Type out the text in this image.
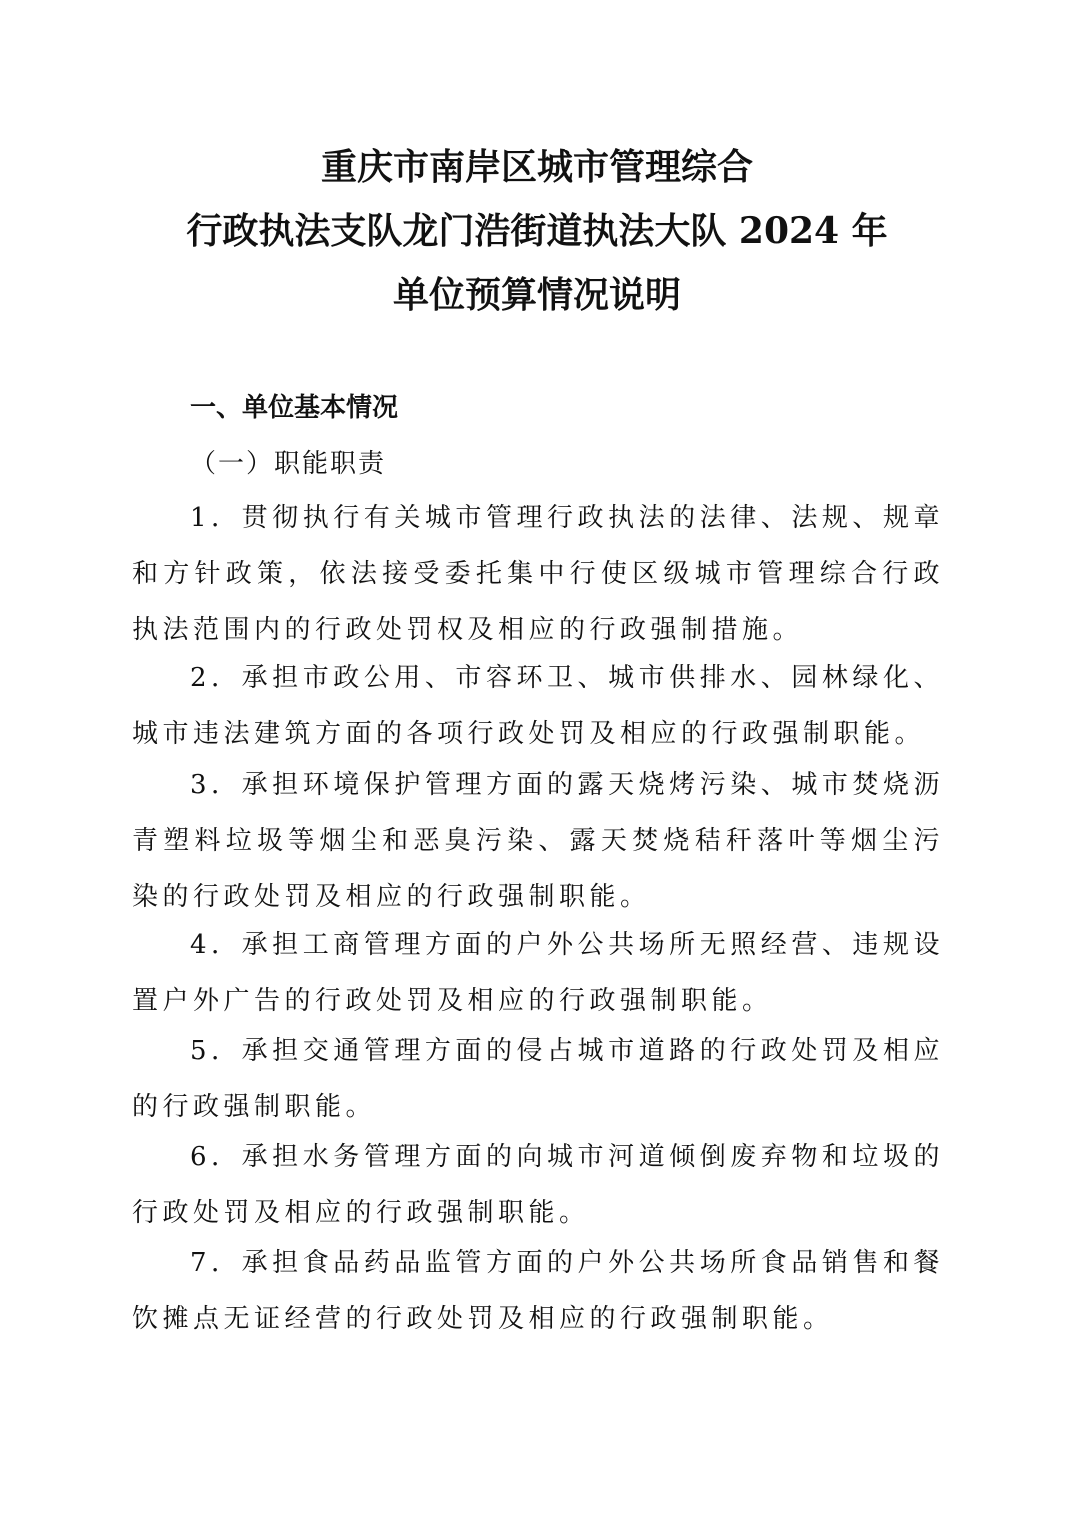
重庆市南岸区城市管理综合
行政执法支队龙门浩街道执法大队 2024 年
单位预算情况说明
一、单位基本情况
（一）职能职责

1．贯彻执行有关城市管理行政执法的法律、法规、规章和方针政策，依法接受委托集中行使区级城市管理综合行政执法范围内的行政处罚权及相应的行政强制措施。

2．承担市政公用、市容环卫、城市供排水、园林绿化、城市违法建筑方面的各项行政处罚及相应的行政强制职能。

3．承担环境保护管理方面的露天烧烤污染、城市焚烧沥青塑料垃圾等烟尘和恶臭污染、露天焚烧秸秆落叶等烟尘污染的行政处罚及相应的行政强制职能。

4．承担工商管理方面的户外公共场所无照经营、违规设置户外广告的行政处罚及相应的行政强制职能。

5．承担交通管理方面的侵占城市道路的行政处罚及相应的行政强制职能。

6．承担水务管理方面的向城市河道倾倒废弃物和垃圾的行政处罚及相应的行政强制职能。

7．承担食品药品监管方面的户外公共场所食品销售和餐饮摊点无证经营的行政处罚及相应的行政强制职能。
